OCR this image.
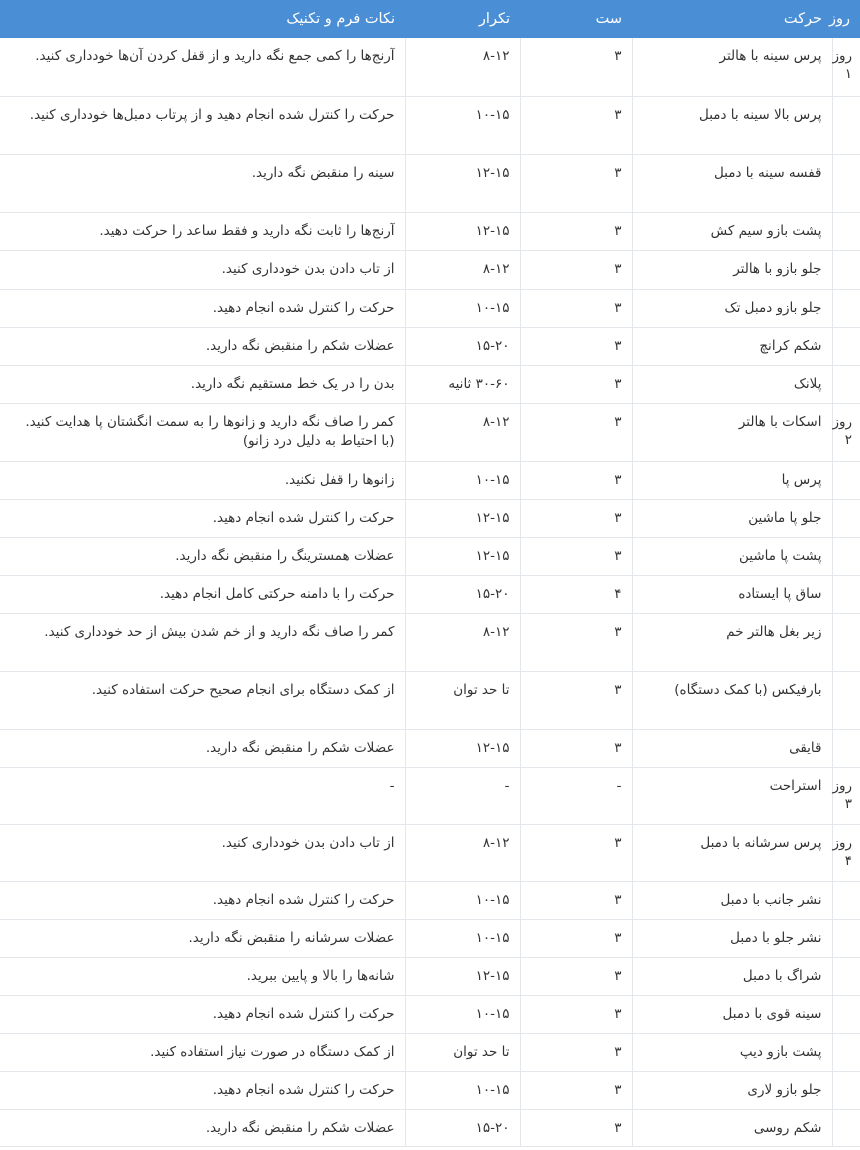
روز	حرکت	ست	تکرار	نکات فرم و تکنیک
روز ۱	پرس سینه با هالتر	۳	۸-۱۲	آرنج‌ها را کمی جمع نگه دارید و از قفل کردن آن‌ها خودداری کنید.
	پرس بالا سینه با دمبل	۳	۱۰-۱۵	حرکت را کنترل شده انجام دهید و از پرتاب دمبل‌ها خودداری کنید.
	قفسه سینه با دمبل	۳	۱۲-۱۵	سینه را منقبض نگه دارید.
	پشت بازو سیم کش	۳	۱۲-۱۵	آرنج‌ها را ثابت نگه دارید و فقط ساعد را حرکت دهید.
	جلو بازو با هالتر	۳	۸-۱۲	از تاب دادن بدن خودداری کنید.
	جلو بازو دمبل تک	۳	۱۰-۱۵	حرکت را کنترل شده انجام دهید.
	شکم کرانچ	۳	۱۵-۲۰	عضلات شکم را منقبض نگه دارید.
	پلانک	۳	۳۰-۶۰ ثانیه	بدن را در یک خط مستقیم نگه دارید.
روز ۲	اسکات با هالتر	۳	۸-۱۲	کمر را صاف نگه دارید و زانوها را به سمت انگشتان پا هدایت کنید. (با احتیاط به دلیل درد زانو)
	پرس پا	۳	۱۰-۱۵	زانوها را قفل نکنید.
	جلو پا ماشین	۳	۱۲-۱۵	حرکت را کنترل شده انجام دهید.
	پشت پا ماشین	۳	۱۲-۱۵	عضلات همسترینگ را منقبض نگه دارید.
	ساق پا ایستاده	۴	۱۵-۲۰	حرکت را با دامنه حرکتی کامل انجام دهید.
	زیر بغل هالتر خم	۳	۸-۱۲	کمر را صاف نگه دارید و از خم شدن بیش از حد خودداری کنید.
	بارفیکس (با کمک دستگاه)	۳	تا حد توان	از کمک دستگاه برای انجام صحیح حرکت استفاده کنید.
	قایقی	۳	۱۲-۱۵	عضلات شکم را منقبض نگه دارید.
روز ۳	استراحت	-	-	-
روز ۴	پرس سرشانه با دمبل	۳	۸-۱۲	از تاب دادن بدن خودداری کنید.
	نشر جانب با دمبل	۳	۱۰-۱۵	حرکت را کنترل شده انجام دهید.
	نشر جلو با دمبل	۳	۱۰-۱۵	عضلات سرشانه را منقبض نگه دارید.
	شراگ با دمبل	۳	۱۲-۱۵	شانه‌ها را بالا و پایین ببرید.
	سینه قوی با دمبل	۳	۱۰-۱۵	حرکت را کنترل شده انجام دهید.
	پشت بازو دیپ	۳	تا حد توان	از کمک دستگاه در صورت نیاز استفاده کنید.
	جلو بازو لاری	۳	۱۰-۱۵	حرکت را کنترل شده انجام دهید.
	شکم روسی	۳	۱۵-۲۰	عضلات شکم را منقبض نگه دارید.
